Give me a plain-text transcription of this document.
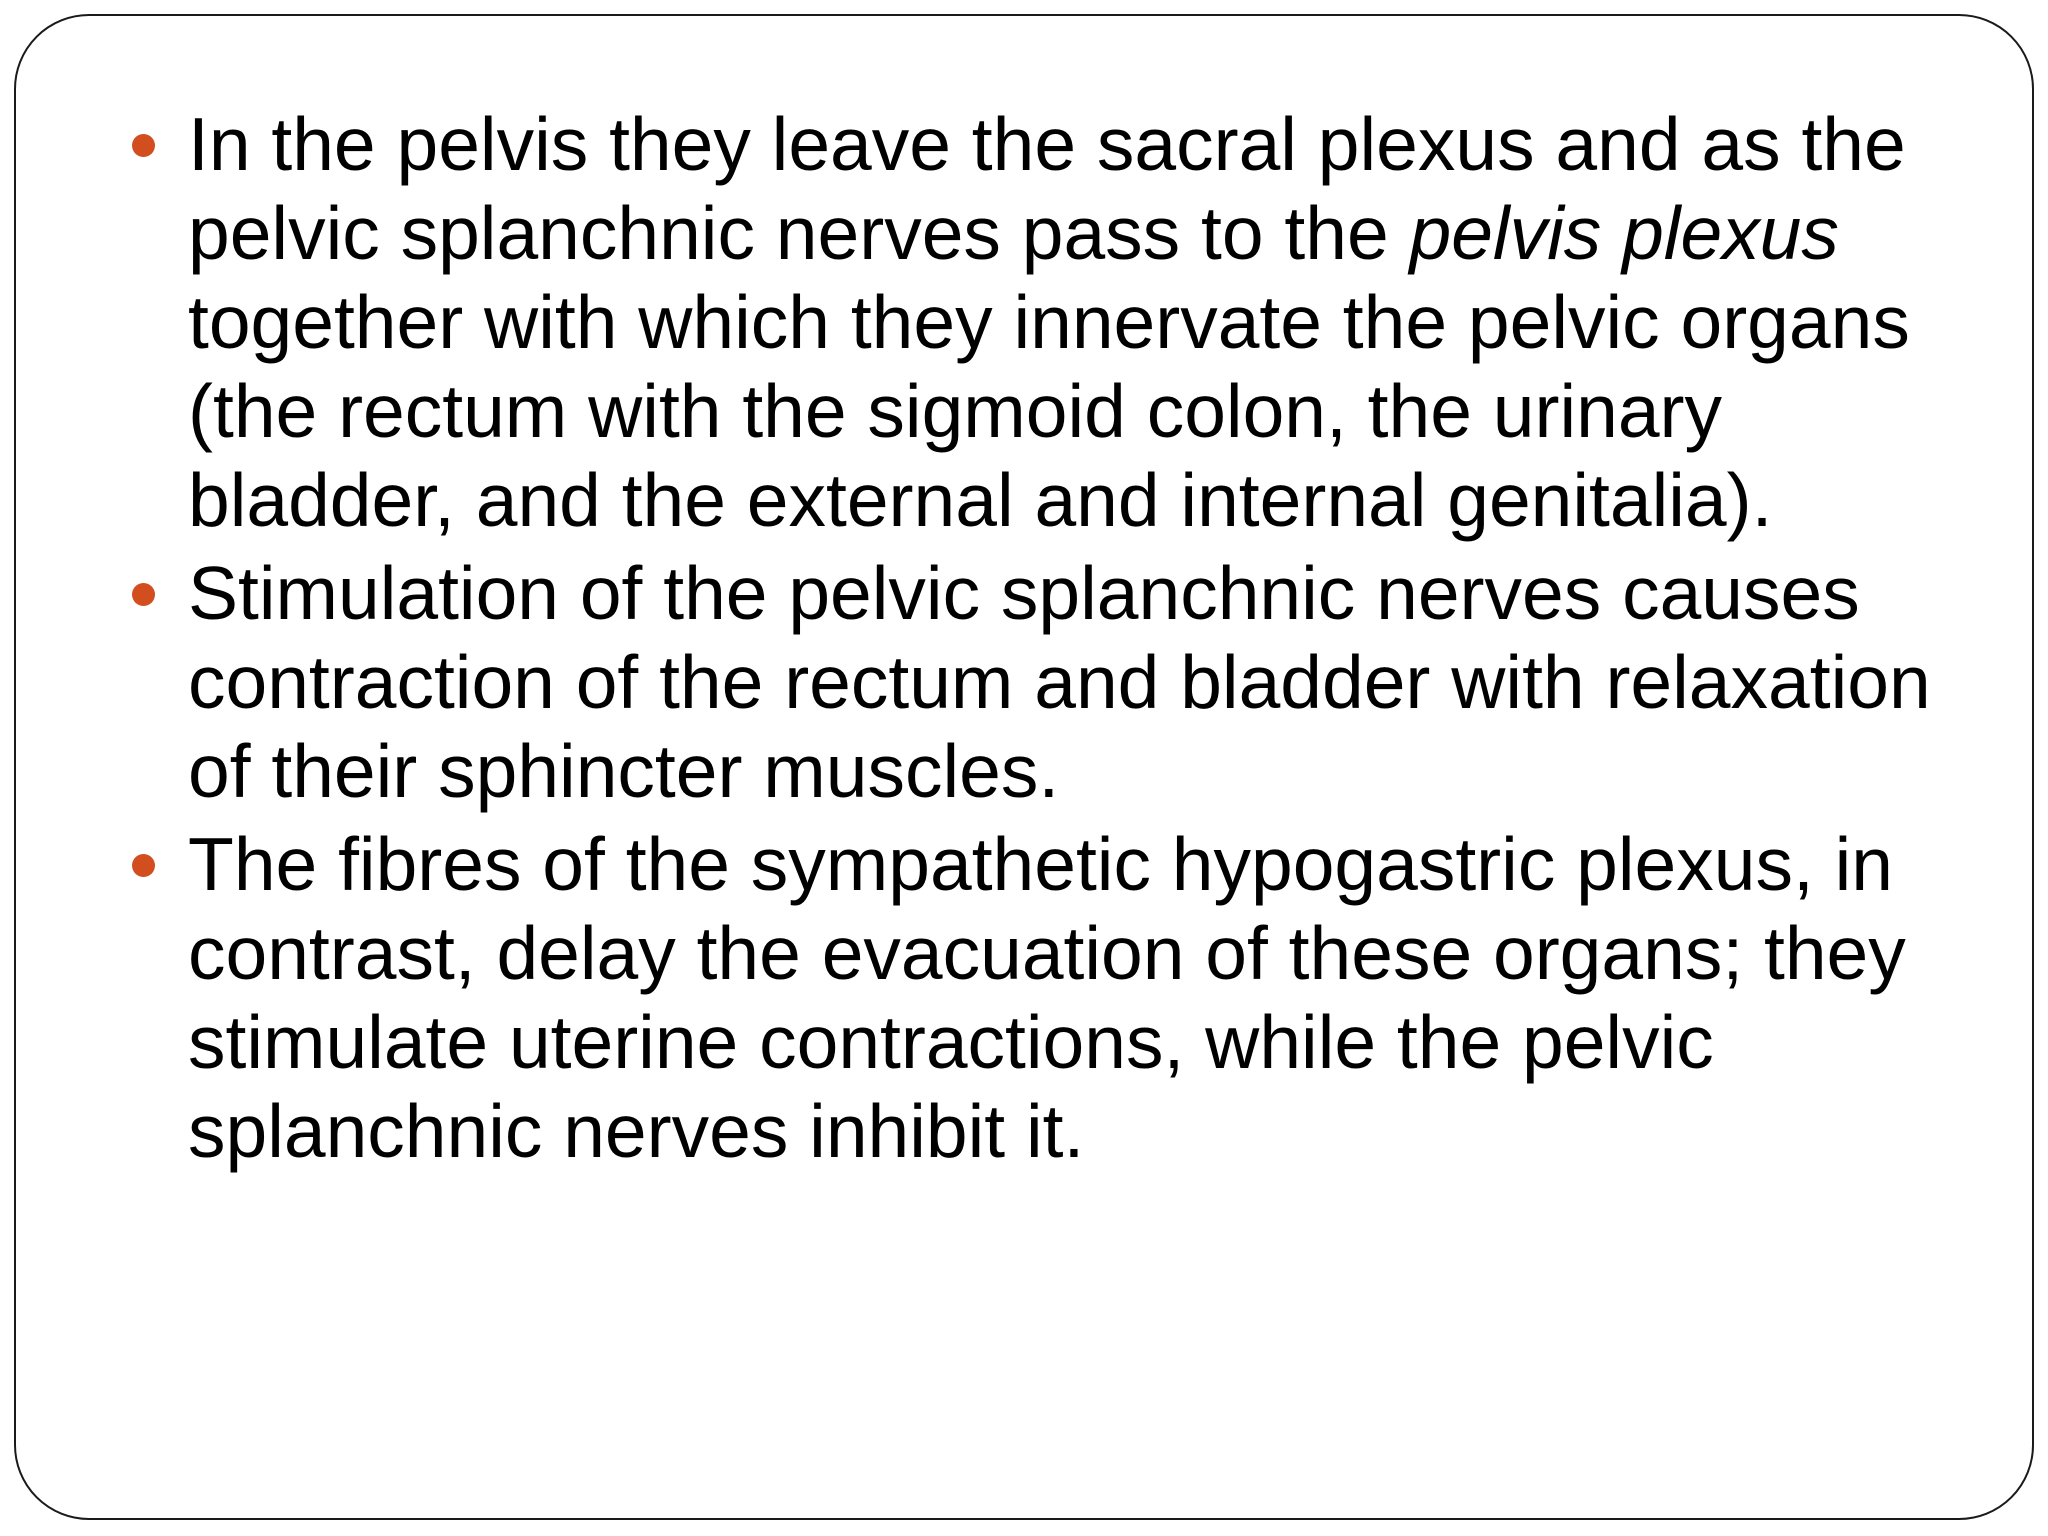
In the pelvis they leave the sacral plexus and as the pelvic splanchnic nerves pass to the pelvis plexus together with which they innervate the pelvic organs (the rectum with the sigmoid colon, the urinary bladder, and the external and internal genitalia).
Stimulation of the pelvic splanchnic nerves causes contraction of the rectum and bladder with relaxation of their sphincter muscles.
The fibres of the sympathetic hypogastric plexus, in contrast, delay the evacuation of these organs; they stimulate uterine contractions, while the pelvic splanchnic nerves inhibit it.
